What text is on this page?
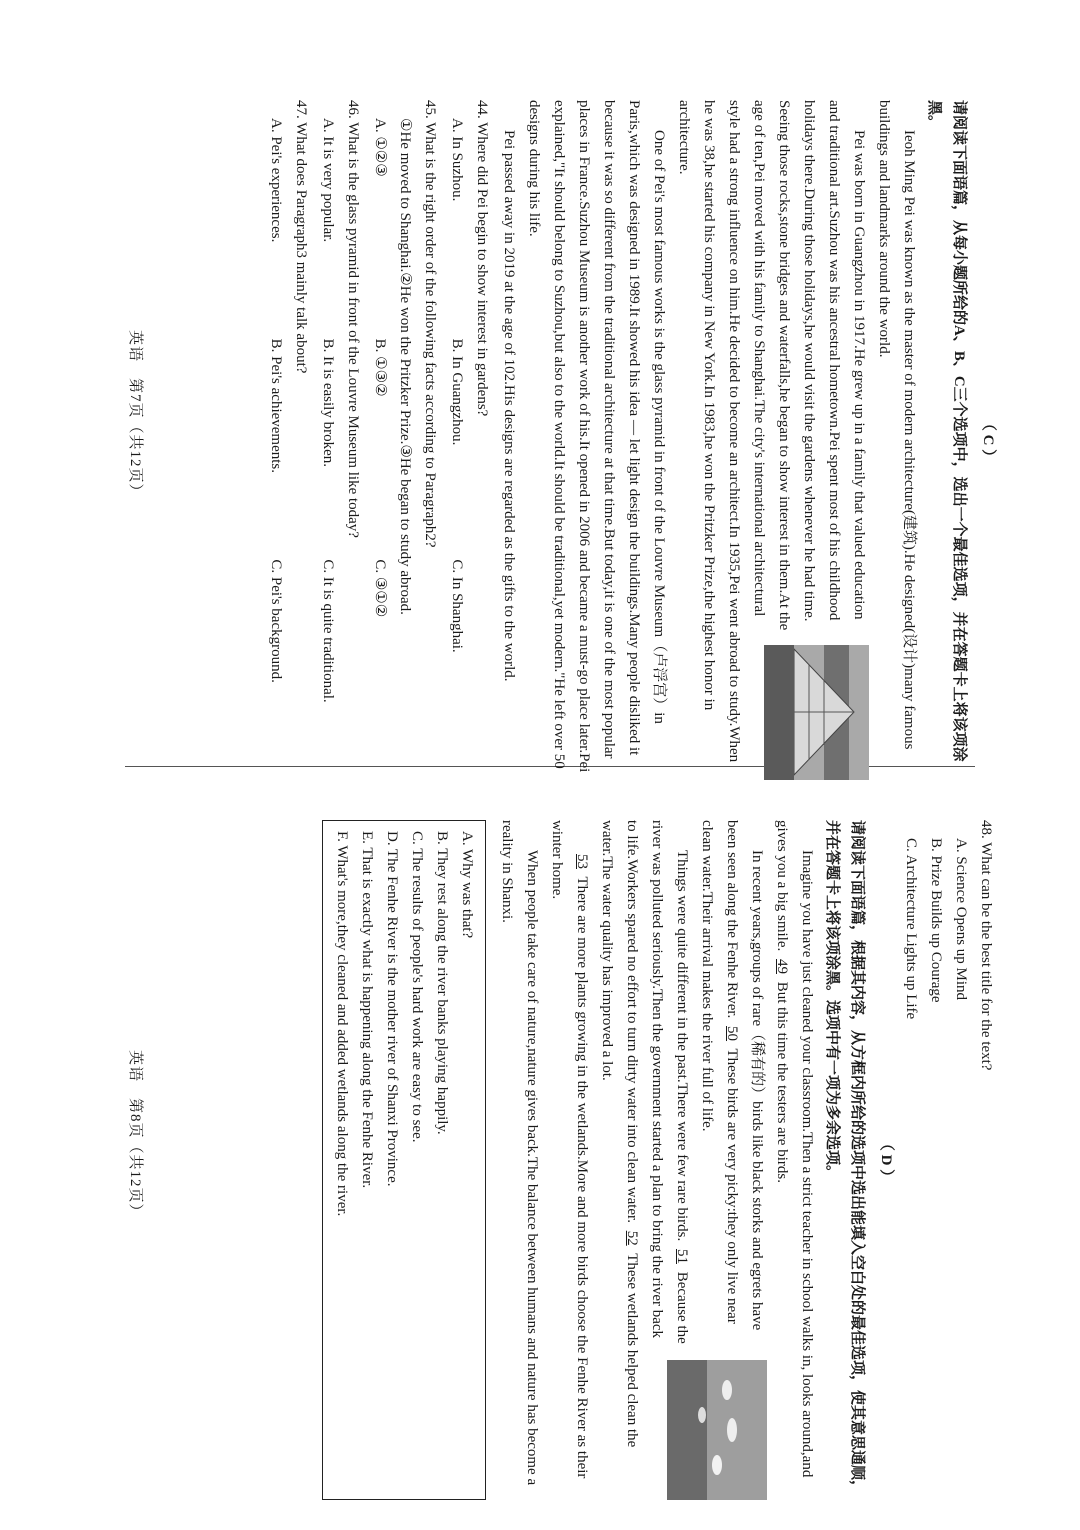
（ C ）

请阅读下面语篇，从每小题所给的A、B、C三个选项中，选出一个最佳选项，并在答题卡上将该项涂黑。

Ieoh Ming Pei was known as the master of modern architecture(建筑).He designed(设计)many famous buildings and landmarks around the world.

Pei was born in Guangzhou in 1917.He grew up in a family that valued education and traditional art.Suzhou was his ancestral hometown.Pei spent most of his childhood holidays there.During those holidays,he would visit the gardens whenever he had time. Seeing those rocks,stone bridges and waterfalls,he began to show interest in them.At the age of ten,Pei moved with his family to Shanghai.The city's international architectural style had a strong influence on him.He decided to become an architect.In 1935,Pei went abroad to study.When he was 38,he started his company in New York.In 1983,he won the Pritzker Prize,the highest honor in architecture.

One of Pei's most famous works is the glass pyramid in front of the Louvre Museum（卢浮宫）in Paris,which was designed in 1989.It showed his idea — let light design the buildings.Many people disliked it because it was so different from the traditional architecture at that time.But today,it is one of the most popular places in France.Suzhou Museum is another work of his.It opened in 2006 and became a must-go place later.Pei explained,"It should belong to Suzhou,but also to the world.It should be traditional,yet modern."He left over 50 designs during his life.

Pei passed away in 2019 at the age of 102.His designs are regarded as the gifts to the world.

44. Where did Pei begin to show interest in gardens?

A. In Suzhou.
B. In Guangzhou.
C. In Shanghai.

45. What is the right order of the following facts according to Paragraph2?

①He moved to Shanghai.②He won the Pritzker Prize.③He began to study abroad.

A. ①②③
B. ①③②
C. ③①②

46. What is the glass pyramid in front of the Louvre Museum like today?

A. It is very popular.
B. It is easily broken.
C. It is quite traditional.

47. What does Paragraph3 mainly talk about?

A. Pei's experiences.
B. Pei's achievements.
C. Pei's background.
英语　第7页（共12页）

48. What can be the best title for the text?

A. Science Opens up Mind

B. Prize Builds up Courage

C. Architecture Lights up Life

（ D ）

请阅读下面语篇，根据其内容，从方框内所给的选项中选出能填入空白处的最佳选项，使其意思通顺，并在答题卡上将该项涂黑。选项中有一项为多余选项。

Imagine you have just cleaned your classroom.Then a strict teacher in school walks in, looks around,and gives you a big smile. 49 But this time the testers are birds.

In recent years,groups of rare（稀有的）birds like black storks and egrets have been seen along the Fenhe River. 50 These birds are very picky:they only live near clean water.Their arrival makes the river full of life.

Things were quite different in the past.There were few rare birds. 51 Because the river was polluted seriously.Then the government started a plan to bring the river back to life.Workers spared no effort to turn dirty water into clean water. 52 These wetlands helped clean the water.The water quality has improved a lot.

53 There are more plants growing in the wetlands.More and more birds choose the Fenhe River as their winter home.

When people take care of nature,nature gives back.The balance between humans and nature has become a reality in Shanxi.

A. Why was that?

B. They rest along the river banks playing happily.

C. The results of people's hard work are easy to see.

D. The Fenhe River is the mother river of Shanxi Province.

E. That is exactly what is happening along the Fenhe River.

F. What's more,they cleaned and added wetlands along the river.

英语　第8页（共12页）
